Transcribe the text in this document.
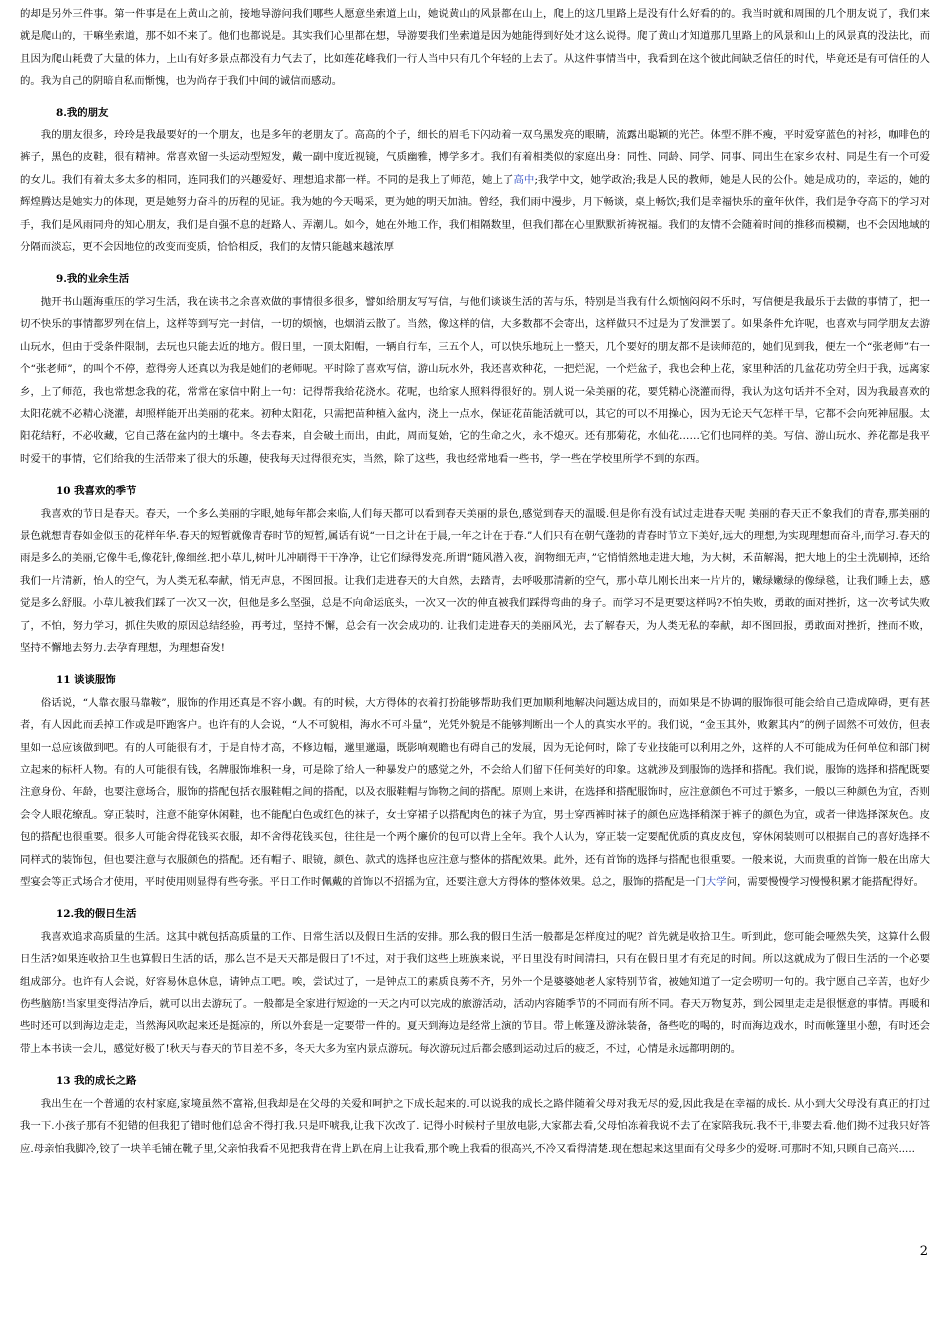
的却是另外三件事。第一件事是在上黄山之前，接地导游问我们哪些人愿意坐索道上山，她说黄山的风景都在山上，爬上的这几里路上是没有什么好看的的。我当时就和周围的几个朋友说了，我们来就是爬山的，干嘛坐索道，那不如不来了。他们也都说是。其实我们心里都在想，导游要我们坐索道是因为她能得到好处才这么说得。爬了黄山才知道那几里路上的风景和山上的风景真的没法比，而且因为爬山耗费了大量的体力，上山有好多景点都没有力气去了，比如莲花峰我们一行人当中只有几个年轻的上去了。从这件事情当中，我看到在这个彼此间缺乏信任的时代，毕竟还是有可信任的人的。我为自己的阴暗自私而惭愧，也为尚存于我们中间的诚信而感动。

8.我的朋友

我的朋友很多，玲玲是我最要好的一个朋友，也是多年的老朋友了。高高的个子，细长的眉毛下闪动着一双乌黑发亮的眼睛，流露出聪颖的光芒。体型不胖不瘦，平时爱穿蓝色的衬衫，咖啡色的裤子，黑色的皮鞋，很有精神。常喜欢留一头运动型短发，戴一副中度近视镜，气质幽雅，博学多才。我们有着相类似的家庭出身：同性、同龄、同学、同事、同出生在家乡农村、同是生有一个可爱的女儿。我们有着太多太多的相同，连同我们的兴趣爱好、理想追求都一样。不同的是我上了师范，她上了高中;我学中文，她学政治;我是人民的教师，她是人民的公仆。她是成功的，幸运的，她的辉煌腾达是她实力的体现，更是她努力奋斗的历程的见证。我为她的今天喝采，更为她的明天加油。曾经，我们雨中漫步，月下畅谈，桌上畅饮;我们是幸福快乐的童年伙伴，我们是争夺高下的学习对手，我们是风雨同舟的知心朋友，我们是自强不息的赶路人、弄潮儿。如今，她在外地工作，我们相隔数里，但我们都在心里默默祈祷祝福。我们的友情不会随着时间的推移而模糊，也不会因地域的分隔而淡忘，更不会因地位的改变而变质，恰恰相反，我们的友情只能越来越浓厚

9.我的业余生活

抛开书山题海重压的学习生活，我在读书之余喜欢做的事情很多很多，譬如给朋友写写信，与他们谈谈生活的苦与乐，特别是当我有什么烦恼闷闷不乐时，写信便是我最乐于去做的事情了，把一切不快乐的事情都罗列在信上，这样等到写完一封信，一切的烦恼，也烟消云散了。当然，像这样的信，大多数都不会寄出，这样做只不过是为了发泄罢了。如果条件允许呢，也喜欢与同学朋友去游山玩水，但由于受条件限制，去玩也只能去近的地方。假日里，一顶太阳帽，一辆自行车，三五个人，可以快乐地玩上一整天，几个要好的朋友都不是读师范的，她们见到我，便左一个“张老师”右一个“张老师”，的叫个不停，惹得旁人还真以为我是她们的老师呢。平时除了喜欢写信，游山玩水外，我还喜欢种花，一把烂泥，一个烂盆子，我也会种上花，家里种活的几盆花功劳全归于我，远离家乡，上了师范，我也常想念我的花，常常在家信中附上一句：记得帮我给花浇水。花呢，也给家人照料得很好的。别人说一朵美丽的花，要凭精心浇灌而得，我认为这句话并不全对，因为我最喜欢的太阳花就不必精心浇灌，却照样能开出美丽的花来。初种太阳花，只需把苗种植入盆内，浇上一点水，保证花苗能活就可以，其它的可以不用操心，因为无论天气怎样干旱，它都不会向死神屈服。太阳花结籽，不必收藏，它自己落在盆内的土壤中。冬去春来，自会破土而出，由此，周而复始，它的生命之火，永不熄灭。还有那菊花，水仙花……它们也同样的美。写信、游山玩水、养花都是我平时爱干的事情，它们给我的生活带来了很大的乐趣，使我每天过得很充实，当然，除了这些，我也经常地看一些书，学一些在学校里所学不到的东西。

10 我喜欢的季节

我喜欢的节日是春天。春天，一个多么美丽的字眼,她每年都会来临,人们每天都可以看到春天美丽的景色,感觉到春天的温暖.但是你有没有试过走进春天呢 美丽的春天正不象我们的青春,那美丽的景色就想青春如金似玉的花样年华.春天的短暂就像青春时节的短暂,属话有说“一日之计在于晨,一年之计在于春.”人们只有在朝气蓬勃的青春时节立下美好,远大的理想,为实现理想而奋斗,而学习.春天的雨是多么的美丽,它像牛毛,像花针,像细丝.把小草儿,树叶儿冲刷得干干净净，让它们绿得发亮.所谓“随风潜入夜，润物细无声，”它悄悄然地走进大地，为大树，禾苗解渴，把大地上的尘土洗刷掉，还给我们一片清新，怡人的空气，为人类无私奉献，悄无声息，不图回报。让我们走进春天的大自然，去踏青，去呼吸那清新的空气，那小草儿刚长出来一片片的，嫩绿嫩绿的像绿毯，让我们睡上去，感觉是多么舒服。小草儿被我们踩了一次又一次，但他是多么坚强，总是不向命运底头，一次又一次的伸直被我们踩得弯曲的身子。而学习不是更要这样吗?不怕失败，勇敢的面对挫折，这一次考试失败了，不怕，努力学习，抓住失败的原因总结经验，再考过，坚持不懈，总会有一次会成功的. 让我们走进春天的美丽风光，去了解春天，为人类无私的奉献，却不图回报，勇敢面对挫折，挫而不败，坚持不懈地去努力.去孕育理想，为理想奋发!

11 谈谈服饰

俗话说，“人靠衣服马靠鞍”，服饰的作用还真是不容小觑。有的时候，大方得体的衣着打扮能够帮助我们更加顺利地解决问题达成目的，而如果是不协调的服饰很可能会给自己造成障碍，更有甚者，有人因此而丢掉工作或是吓跑客户。也许有的人会说，“人不可貌相，海水不可斗量”，光凭外貌是不能够判断出一个人的真实水平的。我们说，“金玉其外，败絮其内”的例子固然不可效仿，但表里如一总应该做到吧。有的人可能很有才，于是自恃才高，不修边幅，邋里邋遢，既影响观瞻也有碍自己的发展，因为无论何时，除了专业技能可以利用之外，这样的人不可能成为任何单位和部门树立起来的标杆人物。有的人可能很有钱，名牌服饰堆积一身，可是除了给人一种暴发户的感觉之外，不会给人们留下任何美好的印象。这就涉及到服饰的选择和搭配。我们说，服饰的选择和搭配既要注意身份、年龄，也要注意场合，服饰的搭配包括衣服鞋帽之间的搭配，以及衣服鞋帽与饰物之间的搭配。原则上来讲，在选择和搭配服饰时，应注意颜色不可过于繁多，一般以三种颜色为宜，否则会令人眼花缭乱。穿正装时，注意不能穿休闲鞋，也不能配白色或红色的袜子，女士穿裙子以搭配肉色的袜子为宜，男士穿西裤时袜子的颜色应选择稍深于裤子的颜色为宜，或者一律选择深灰色。皮包的搭配也很重要。很多人可能舍得花钱买衣服，却不舍得花钱买包，往往是一个两个廉价的包可以背上全年。我个人认为，穿正装一定要配优质的真皮皮包，穿休闲装则可以根据自己的喜好选择不同样式的装饰包，但也要注意与衣服颜色的搭配。还有帽子、眼镜，颜色、款式的选择也应注意与整体的搭配效果。此外，还有首饰的选择与搭配也很重要。一般来说，大而贵重的首饰一般在出席大型宴会等正式场合才使用，平时使用则显得有些夸张。平日工作时佩戴的首饰以不招摇为宜，还要注意大方得体的整体效果。总之，服饰的搭配是一门大学问，需要慢慢学习慢慢积累才能搭配得好。

12.我的假日生活

我喜欢追求高质量的生活。这其中就包括高质量的工作、日常生活以及假日生活的安排。那么我的假日生活一般都是怎样度过的呢？首先就是收拾卫生。听到此，您可能会哑然失笑，这算什么假日生活?如果连收拾卫生也算假日生活的话，那么岂不是天天都是假日了!不过，对于我们这些上班族来说，平日里没有时间清扫，只有在假日里才有充足的时间。所以这就成为了假日生活的一个必要组成部分。也许有人会说，好容易休息休息，请钟点工吧。唉，尝试过了，一是钟点工的素质良莠不齐，另外一个是婆婆她老人家特别节省，被她知道了一定会唠叨一句的。我宁愿自己辛苦，也好少伤些脑筋!当家里变得洁净后，就可以出去游玩了。一般都是全家进行短途的一天之内可以完成的旅游活动，活动内容随季节的不同而有所不同。春天万物复苏，到公园里走走是很惬意的事情。再暖和些时还可以到海边走走，当然海风吹起来还是挺凉的，所以外套是一定要带一件的。夏天到海边是经常上演的节目。带上帐篷及游泳装备，备些吃的喝的，时而海边戏水，时而帐篷里小憩，有时还会带上本书读一会儿，感觉好极了!秋天与春天的节目差不多，冬天大多为室内景点游玩。每次游玩过后都会感到运动过后的疲乏，不过，心情是永远都明朗的。

13 我的成长之路

我出生在一个普通的农村家庭,家境虽然不富裕,但我却是在父母的关爱和呵护之下成长起来的.可以说我的成长之路伴随着父母对我无尽的爱,因此我是在幸福的成长. 从小到大父母没有真正的打过我一下.小孩子那有不犯错的但我犯了错时他们总舍不得打我.只是吓唬我,让我下次改了. 记得小时候村子里放电影,大家都去看,父母怕冻着我说不去了在家陪我玩.我不干,非要去看.他们拗不过我只好答应.母亲怕我脚冷,铰了一块羊毛铺在靴子里,父亲怕我看不见把我背在背上趴在肩上让我看,那个晚上我看的很高兴,不冷又看得清楚.现在想起来这里面有父母多少的爱呀.可那时不知,只顾自己高兴.....

2
